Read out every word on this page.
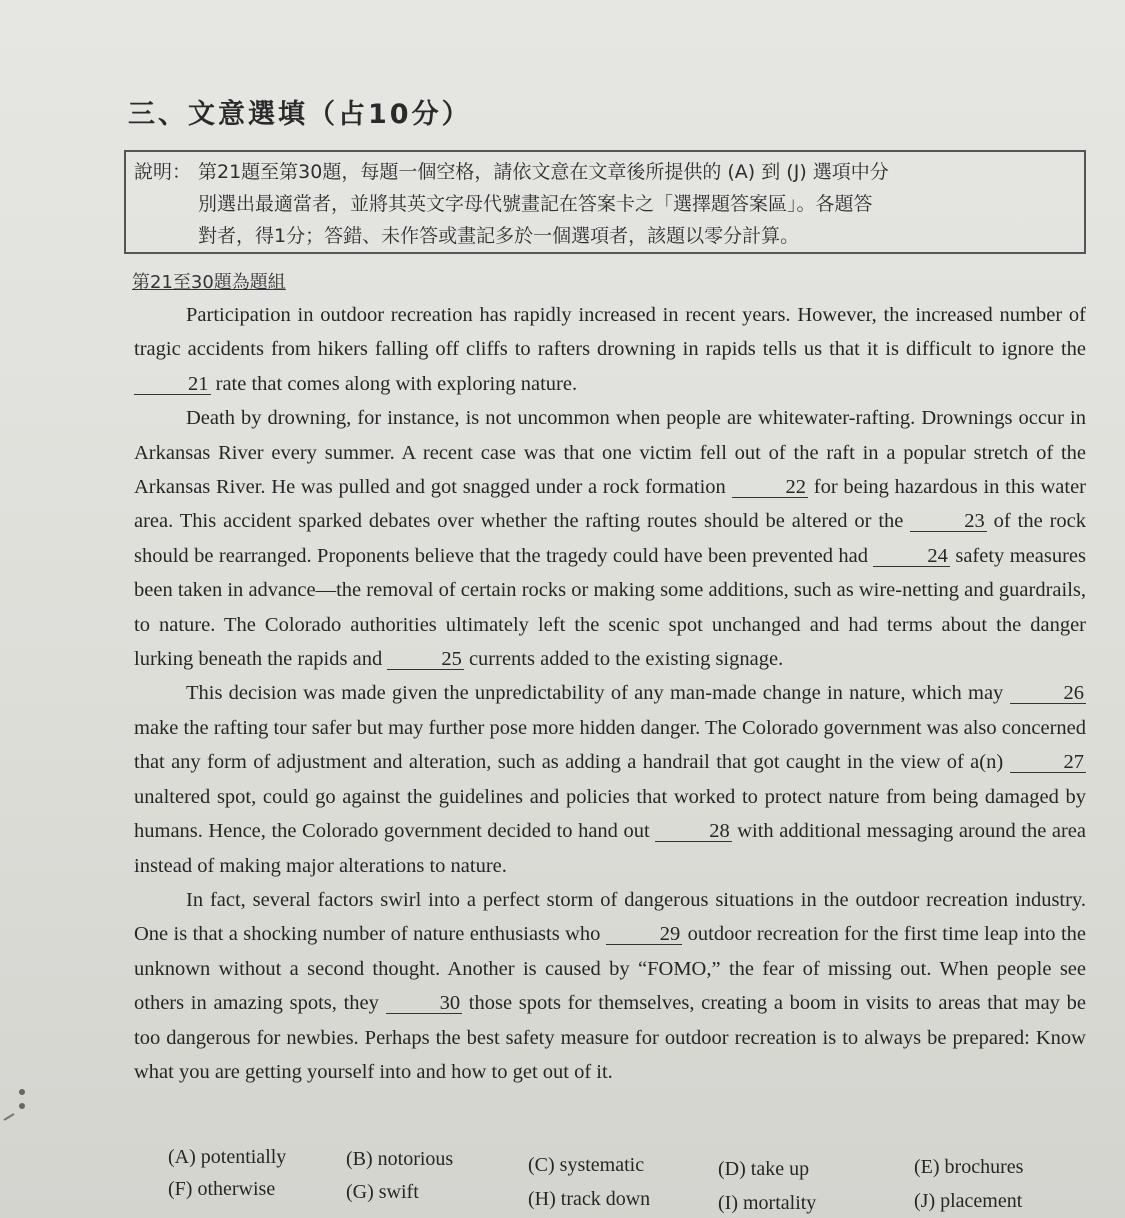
三、文意選填（占10分）
說明： 第21題至第30題，每題一個空格，請依文意在文章後所提供的 (A) 到 (J) 選項中分
別選出最適當者，並將其英文字母代號畫記在答案卡之「選擇題答案區」。各題答
對者，得1分；答錯、未作答或畫記多於一個選項者，該題以零分計算。
第21至30題為題組

Participation in outdoor recreation has rapidly increased in recent years. However, the increased number of tragic accidents from hikers falling off cliffs to rafters drowning in rapids tells us that it is difficult to ignore the 21 rate that comes along with exploring nature.

Death by drowning, for instance, is not uncommon when people are whitewater-rafting. Drownings occur in Arkansas River every summer. A recent case was that one victim fell out of the raft in a popular stretch of the Arkansas River. He was pulled and got snagged under a rock formation	22 for being hazardous in this water area. This accident sparked debates over whether the rafting routes should be altered or the	23 of the rock should be rearranged. Proponents believe that the tragedy could have been prevented had	24 safety measures been taken in advance—the removal of certain rocks or making some additions, such as wire-netting and guardrails, to nature. The Colorado authorities ultimately left the scenic spot unchanged and had terms about the danger lurking beneath the rapids and	25 currents added to the existing signage.

This decision was made given the unpredictability of any man-made change in nature, which may	26 make the rafting tour safer but may further pose more hidden danger. The Colorado government was also concerned that any form of adjustment and alteration, such as adding a handrail that got caught in the view of a(n)	27 unaltered spot, could go against the guidelines and policies that worked to protect nature from being damaged by humans. Hence, the Colorado government decided to hand out	28 with additional messaging around the area instead of making major alterations to nature.

In fact, several factors swirl into a perfect storm of dangerous situations in the outdoor recreation industry. One is that a shocking number of nature enthusiasts who	29 outdoor recreation for the first time leap into the unknown without a second thought. Another is caused by “FOMO,” the fear of missing out. When people see others in amazing spots, they	30 those spots for themselves, creating a boom in visits to areas that may be too dangerous for newbies. Perhaps the best safety measure for outdoor recreation is to always be prepared: Know what you are getting yourself into and how to get out of it.

(A) potentially	(B) notorious	(C) systematic	(D) take up	(E) brochures
(F) otherwise	(G) swift	(H) track down	(I) mortality	(J) placement
